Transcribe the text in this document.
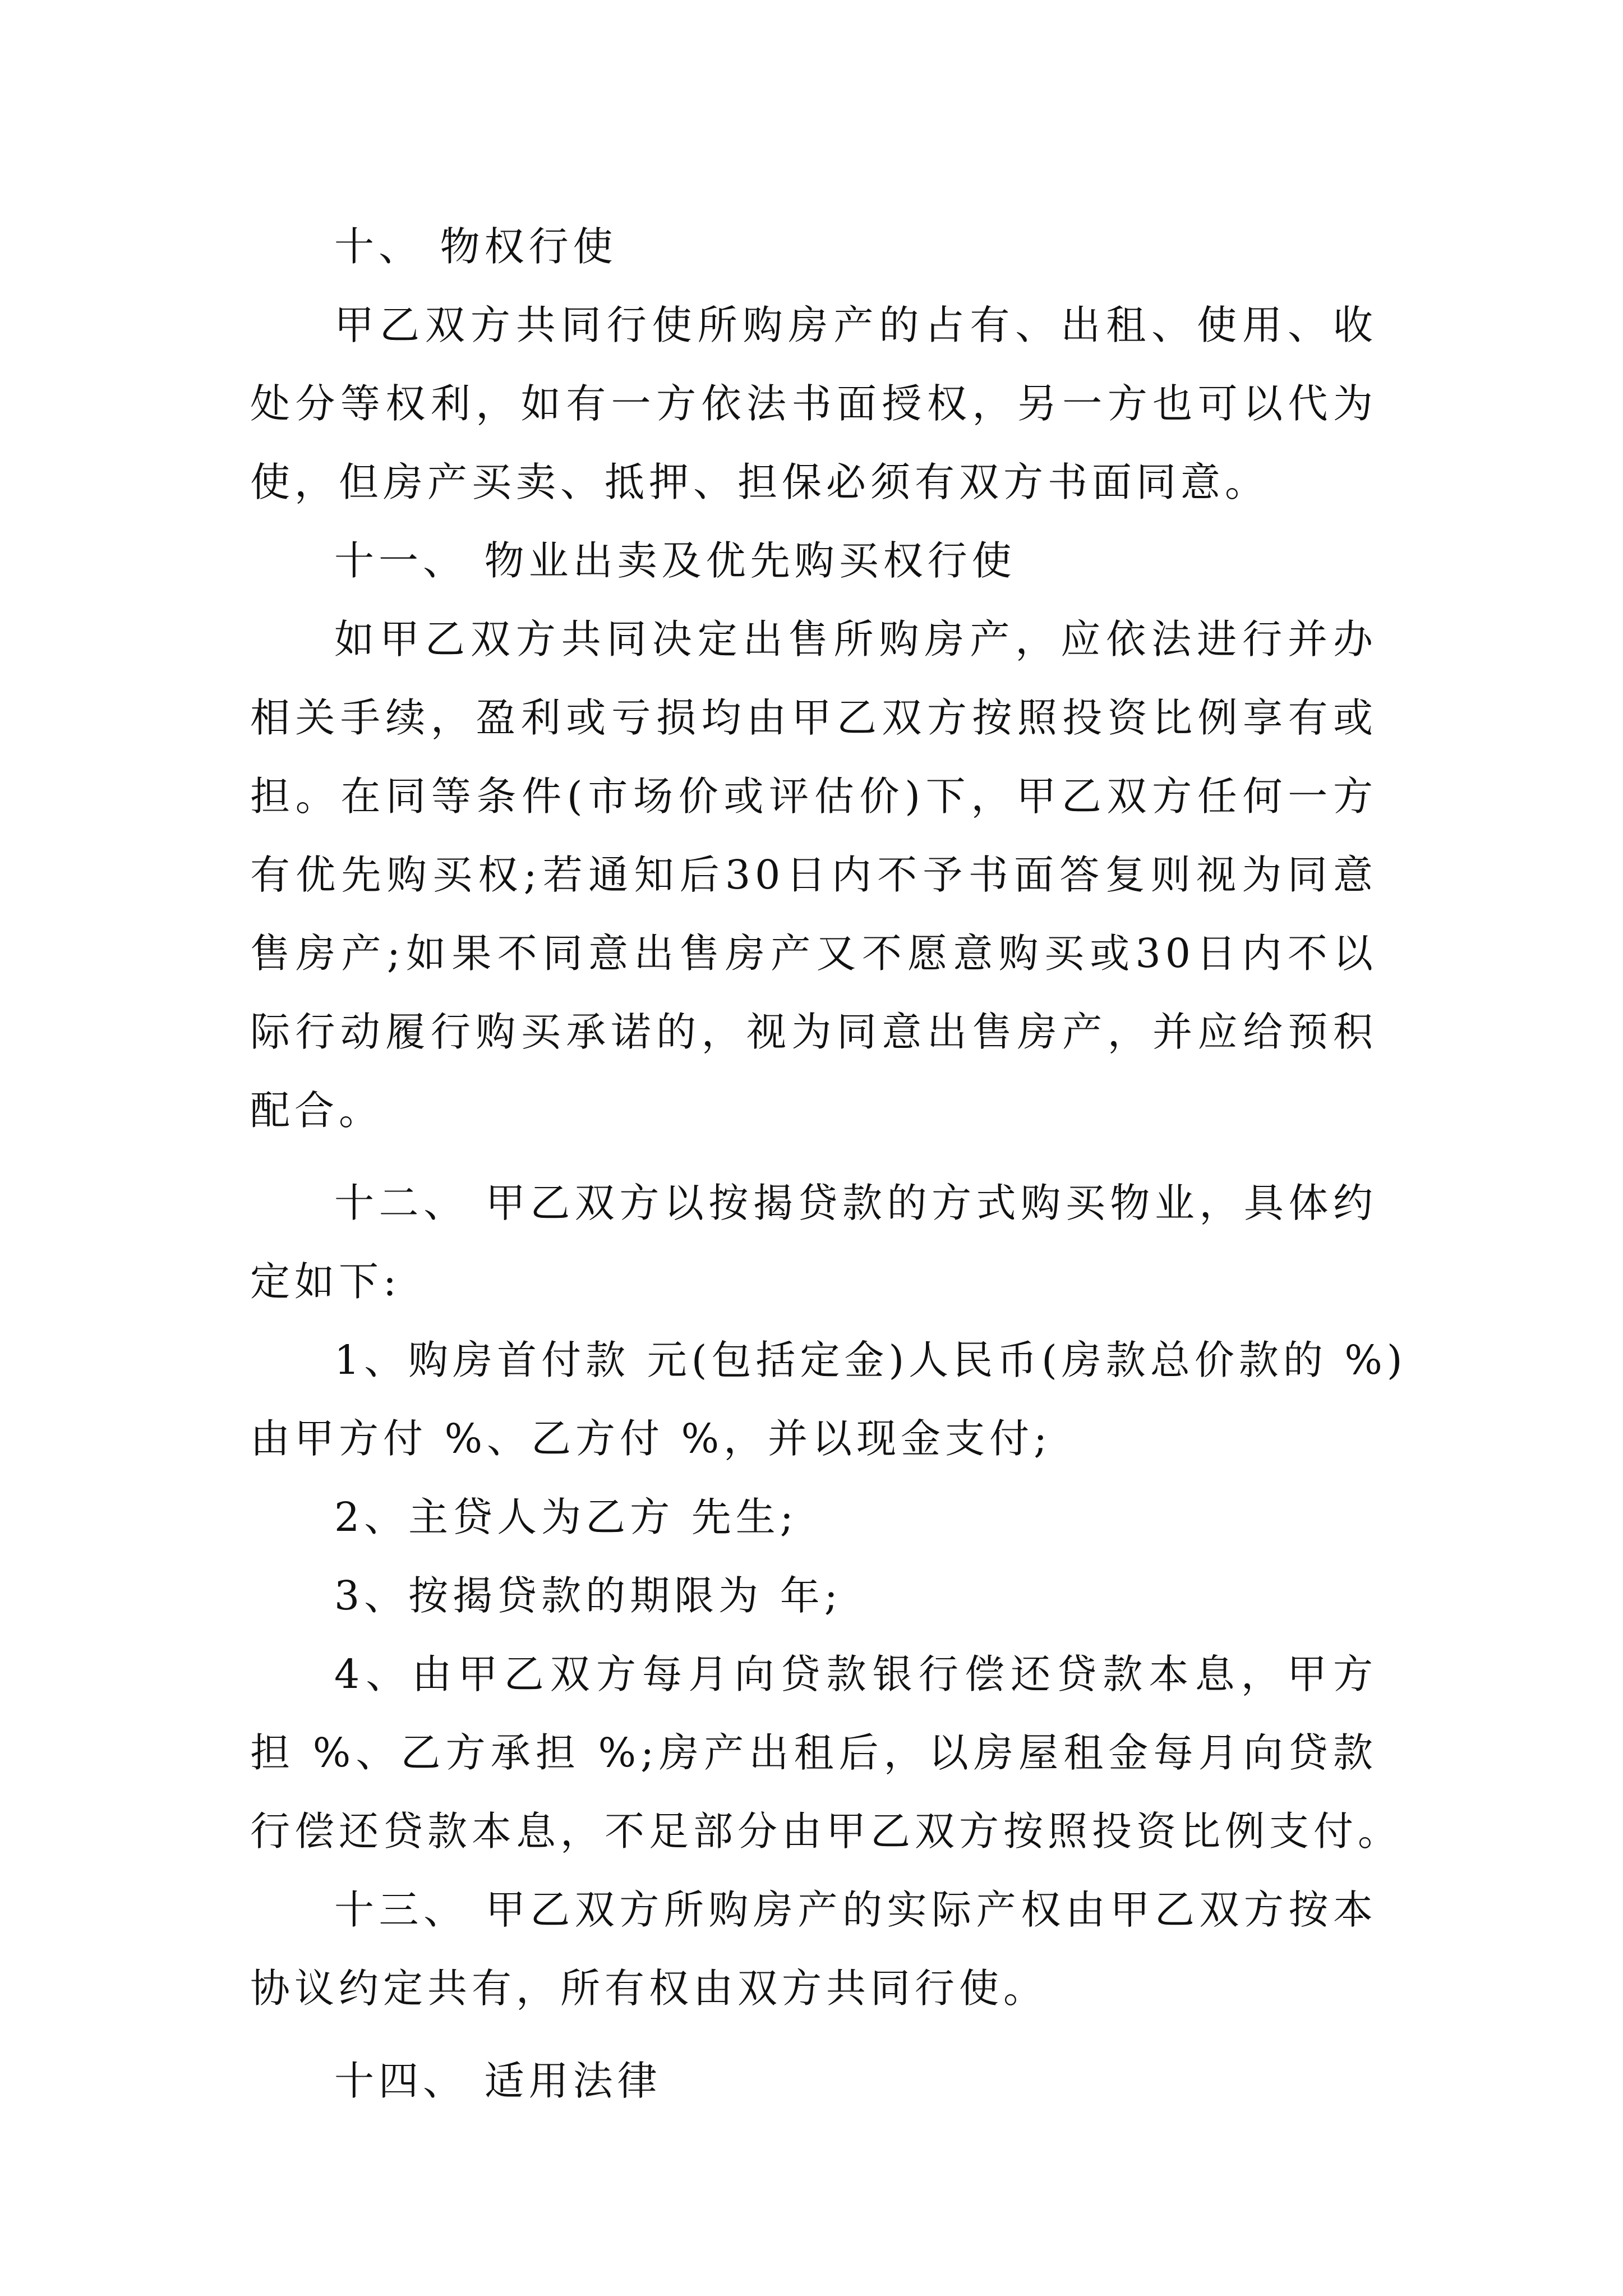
十、 物权行使
甲乙双方共同行使所购房产的占有、出租、使用、收
处分等权利，如有一方依法书面授权，另一方也可以代为
使，但房产买卖、抵押、担保必须有双方书面同意。
十一、 物业出卖及优先购买权行使
如甲乙双方共同决定出售所购房产，应依法进行并办
相关手续，盈利或亏损均由甲乙双方按照投资比例享有或
担。在同等条件(市场价或评估价)下，甲乙双方任何一方
有优先购买权;若通知后30日内不予书面答复则视为同意
售房产;如果不同意出售房产又不愿意购买或30日内不以
际行动履行购买承诺的，视为同意出售房产，并应给预积
配合。
十二、 甲乙双方以按揭贷款的方式购买物业，具体约
定如下:
1、购房首付款 元(包括定金)人民币(房款总价款的 %)
由甲方付 %、乙方付 %，并以现金支付;
2、主贷人为乙方 先生;
3、按揭贷款的期限为 年;
4、由甲乙双方每月向贷款银行偿还贷款本息，甲方
担 %、乙方承担 %;房产出租后，以房屋租金每月向贷款
行偿还贷款本息，不足部分由甲乙双方按照投资比例支付。
十三、 甲乙双方所购房产的实际产权由甲乙双方按本
协议约定共有，所有权由双方共同行使。
十四、 适用法律
